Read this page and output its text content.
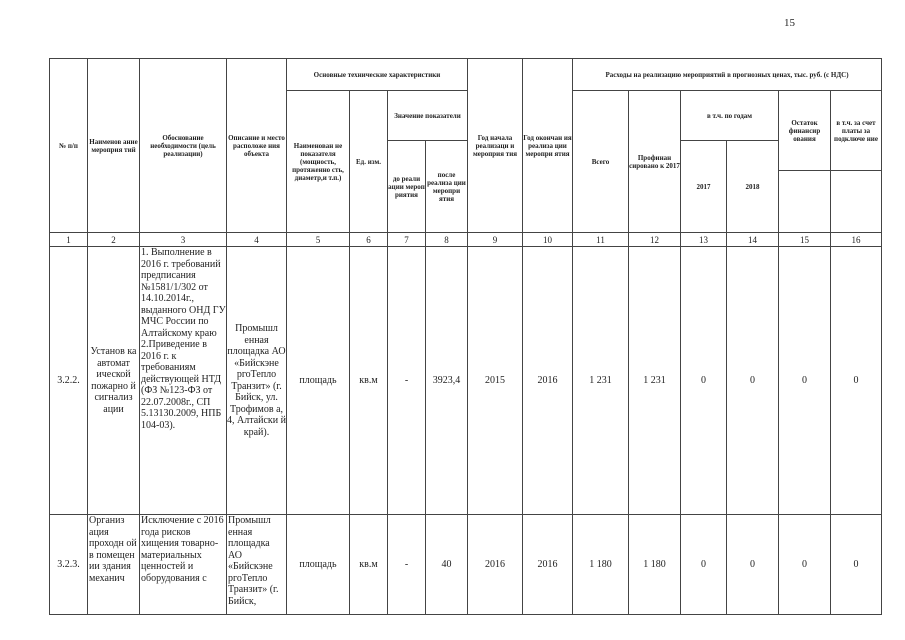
15
№ п/п	Наименов ание мероприя тий	Обоснование необходимости (цель реализации)	Описание и место расположе ния объекта	Основные технические характеристики				Год начала реализаци и мероприя тия	Год окончан ия реализа ции меропри ятия	Расходы на реализацию мероприятий в прогнозных ценах, тыс. руб. (с НДС)					
				Наименован не показателя (мощность, протяженно сть, диаметр,и т.п.)	Ед. изм.	Значение показатели				Всего	Профинан сировано к 2017	в т.ч. по годам		Остаток финансир ования	в т.ч. за счет платы за подключе ние
						до реали ации мероп риятия	после реализа ции меропри ятия					2017	2018		

1	2	3	4	5	6	7	8	9	10	11	12	13	14	15	16
3.2.2.	Установ ка автомат ической пожарно й сигнализ ации	1. Выполнение в 2016 г. требований предписания №1581/1/302 от 14.10.2014г., выданного ОНД ГУ МЧС России по Алтайскому краю 2.Приведение в 2016 г. к требованиям действующей НТД (ФЗ №123-ФЗ от 22.07.2008г., СП 5.13130.2009, НПБ 104-03).	Промышл енная площадка АО «Бийскэне ргоТепло Транзит» (г. Бийск, ул. Трофимов а, 4, Алтайски й край).	площадь	кв.м	-	3923,4	2015	2016	1 231	1 231	0	0	0	0
3.2.3.	Организ ация проходн ой в помещен ии здания механич	Исключение с 2016 года рисков хищения товарно- материальных ценностей и оборудования с	Промышл енная площадка АО «Бийскэне ргоТепло Транзит» (г. Бийск,	площадь	кв.м	-	40	2016	2016	1 180	1 180	0	0	0	0
